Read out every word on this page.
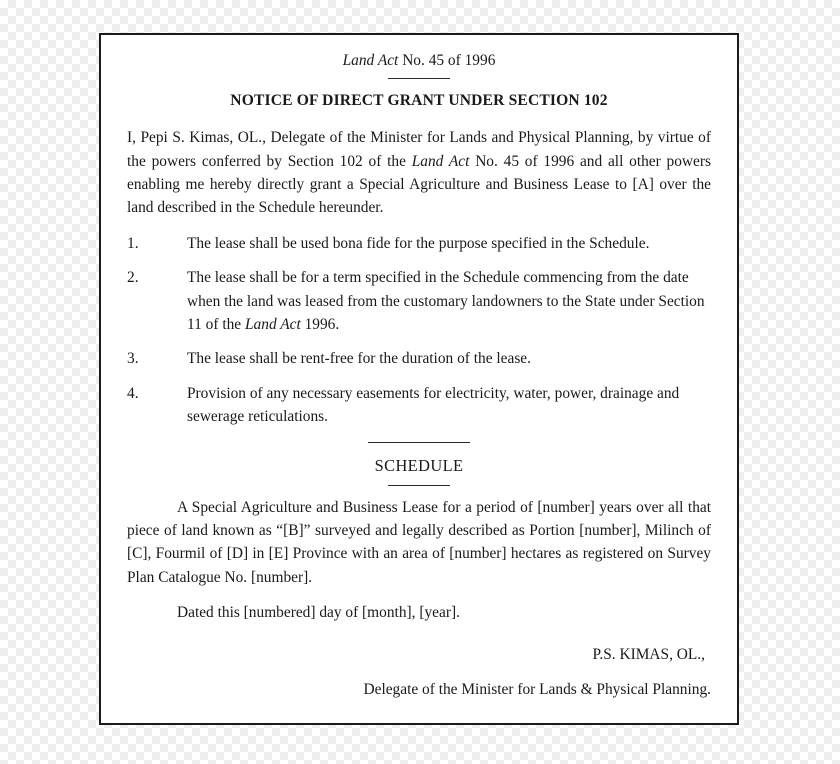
Land Act No. 45 of 1996
NOTICE OF DIRECT GRANT UNDER SECTION 102

I, Pepi S. Kimas, OL., Delegate of the Minister for Lands and Physical Planning, by virtue of the powers conferred by Section 102 of the Land Act No. 45 of 1996 and all other powers enabling me hereby directly grant a Special Agriculture and Business Lease to [A] over the land described in the Schedule hereunder.

1.	The lease shall be used bona fide for the purpose specified in the Schedule.
2.	The lease shall be for a term specified in the Schedule commencing from the date when the land was leased from the customary landowners to the State under Section 11 of the Land Act 1996.
3.	The lease shall be rent-free for the duration of the lease.
4.	Provision of any necessary easements for electricity, water, power, drainage and sewerage reticulations.
SCHEDULE

A Special Agriculture and Business Lease for a period of [number] years over all that piece of land known as “[B]” surveyed and legally described as Portion [number], Milinch of [C], Fourmil of [D] in [E] Province with an area of [number] hectares as registered on Survey Plan Catalogue No. [number].

Dated this [numbered] day of [month], [year].

P.S. KIMAS, OL.,
Delegate of the Minister for Lands & Physical Planning.
